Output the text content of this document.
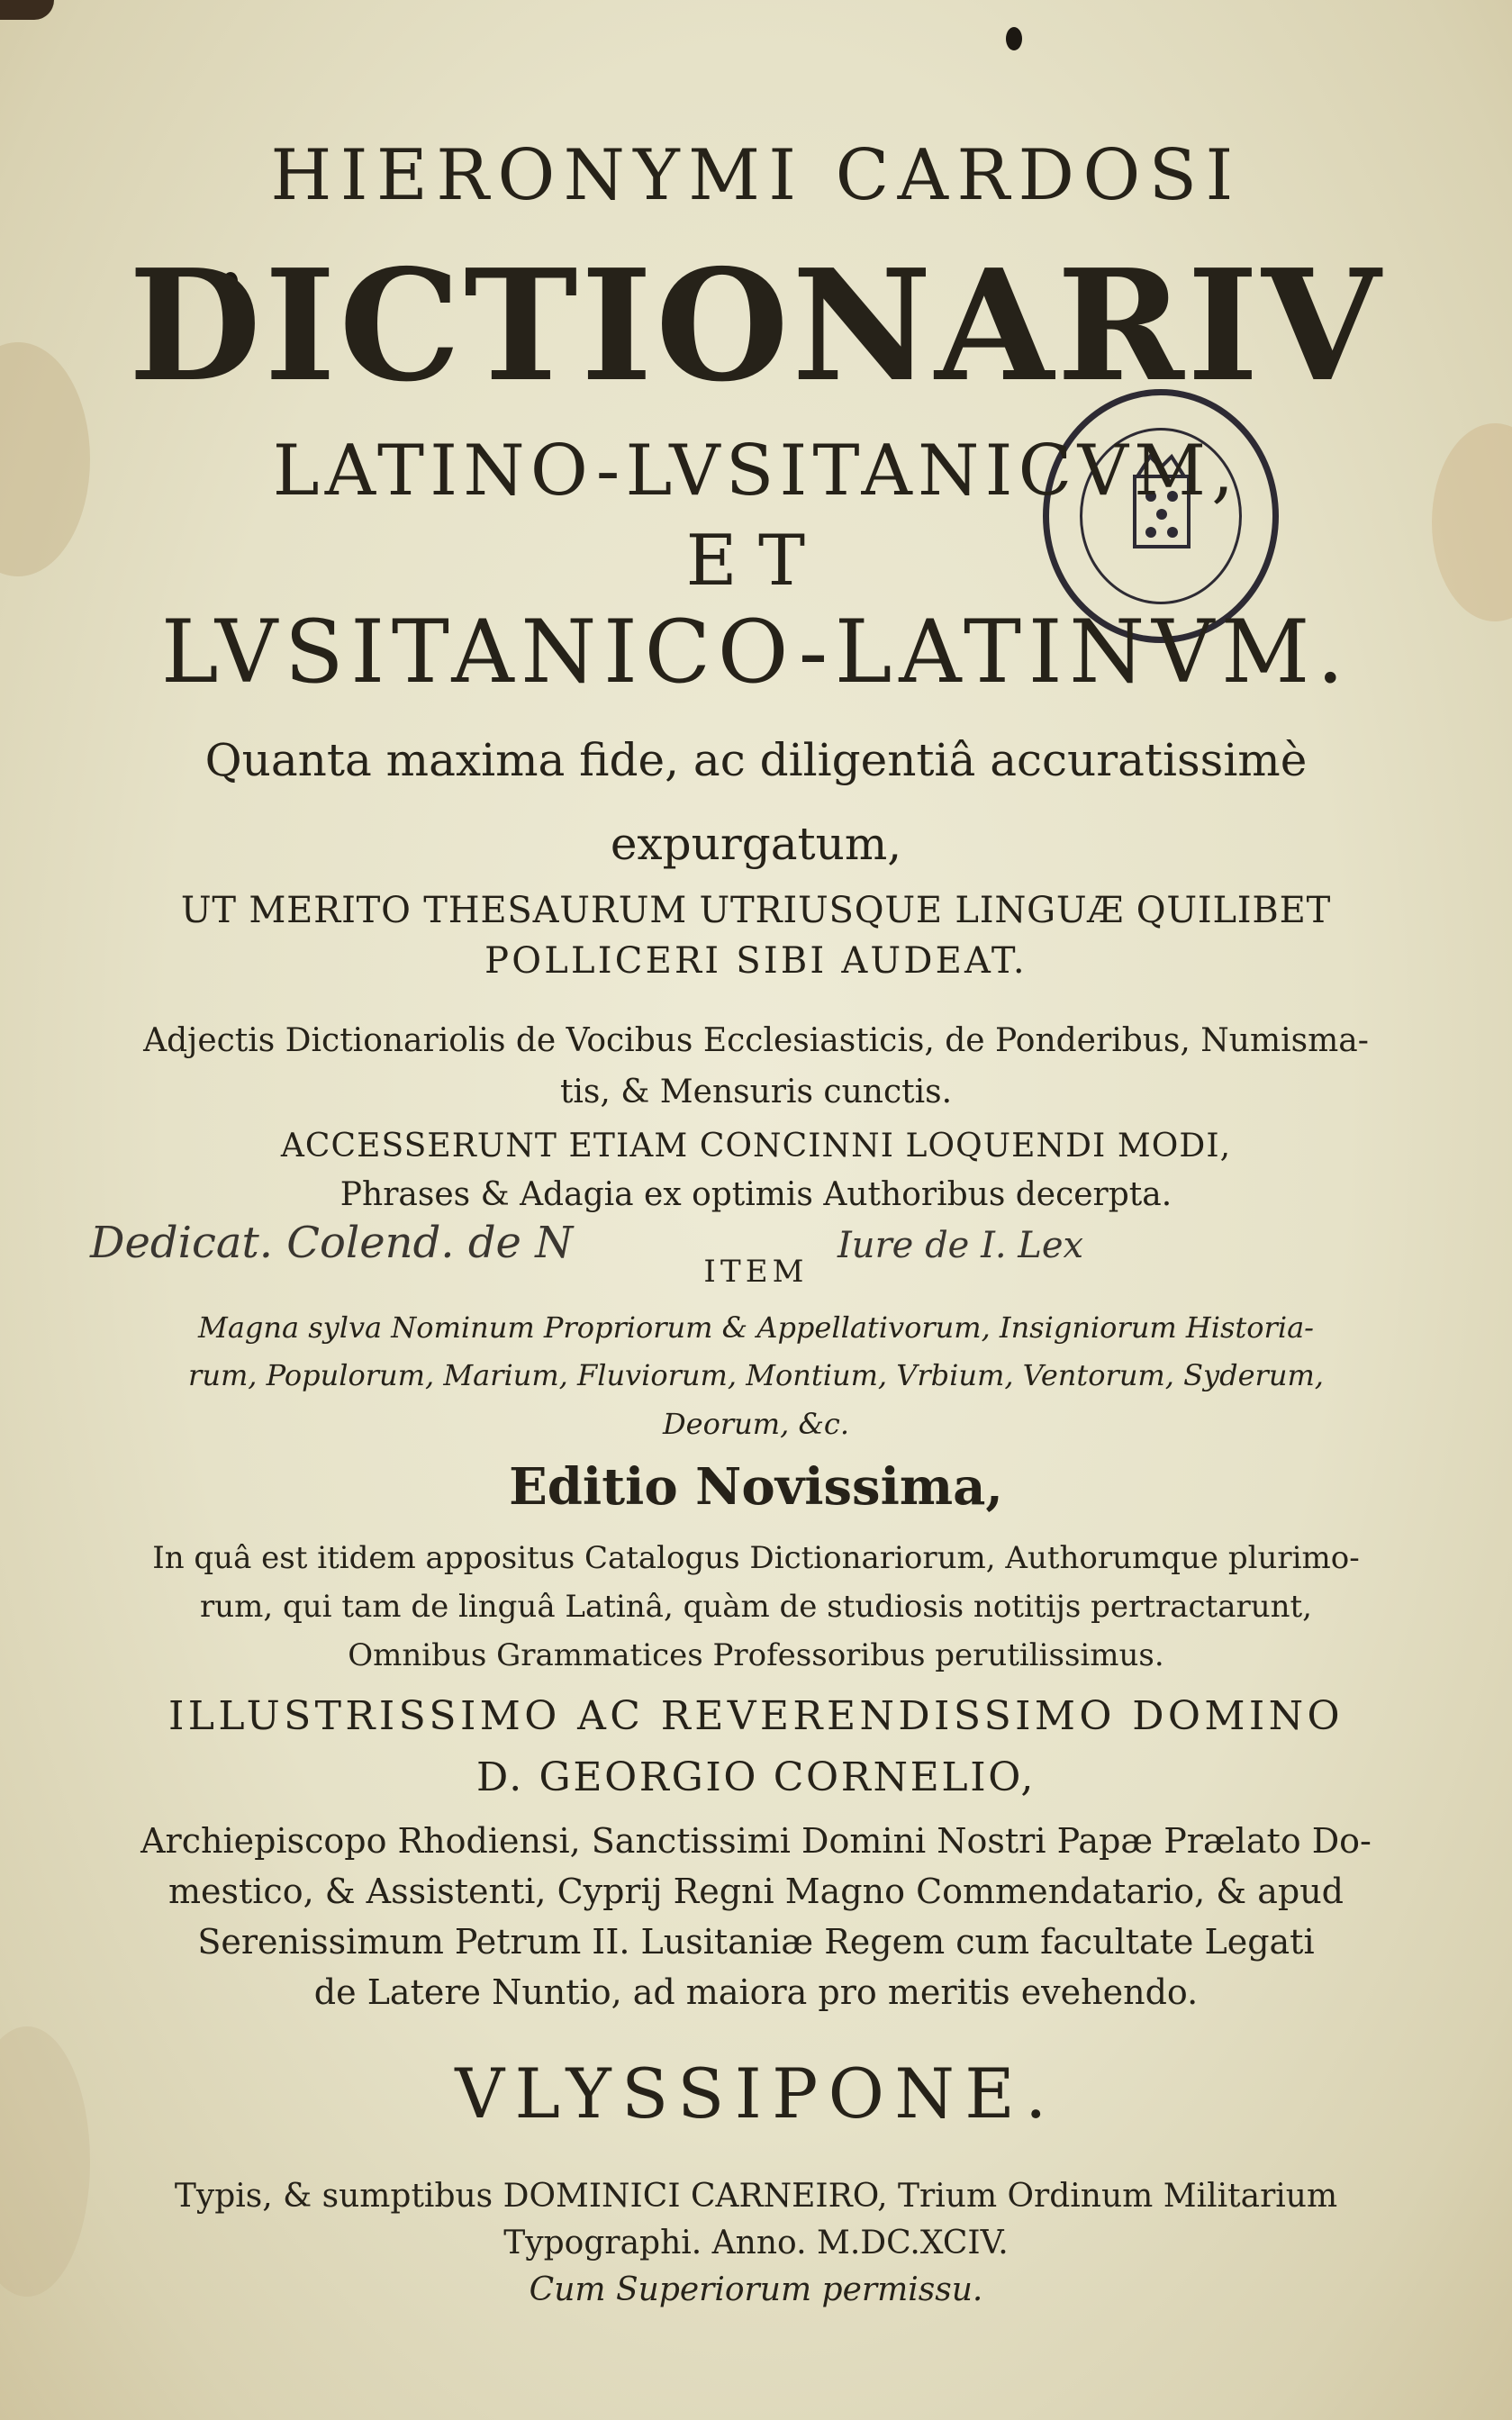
HIERONYMI CARDOSI

DICTIONARIV

LATINO-LVSITANICVM,

ET

LVSITANICO-LATINVM.

Quanta maxima fide, ac diligentiâ accuratissimè

expurgatum,

UT MERITO THESAURUM UTRIUSQUE LINGUÆ QUILIBET

POLLICERI SIBI AUDEAT.

Adjectis Dictionariolis de Vocibus Ecclesiasticis, de Ponderibus, Numisma-

tis, & Mensuris cunctis.

ACCESSERUNT ETIAM CONCINNI LOQUENDI MODI,

Phrases & Adagia ex optimis Authoribus decerpta.

Dedicat. Colend. de N

ITEM

Iure de I. Lex

Magna sylva Nominum Propriorum & Appellativorum, Insigniorum Historia-

rum, Populorum, Marium, Fluviorum, Montium, Vrbium, Ventorum, Syderum,

Deorum, &c.

Editio Novissima,

In quâ est itidem appositus Catalogus Dictionariorum, Authorumque plurimo-

rum, qui tam de linguâ Latinâ, quàm de studiosis notitijs pertractarunt,

Omnibus Grammatices Professoribus perutilissimus.

ILLUSTRISSIMO AC REVERENDISSIMO DOMINO

D. GEORGIO CORNELIO,

Archiepiscopo Rhodiensi, Sanctissimi Domini Nostri Papæ Prælato Do-

mestico, & Assistenti, Cyprij Regni Magno Commendatario, & apud

Serenissimum Petrum II. Lusitaniæ Regem cum facultate Legati

de Latere Nuntio, ad maiora pro meritis evehendo.

VLYSSIPONE.

Typis, & sumptibus DOMINICI CARNEIRO, Trium Ordinum Militarium

Typographi. Anno. M.DC.XCIV.

Cum Superiorum permissu.
